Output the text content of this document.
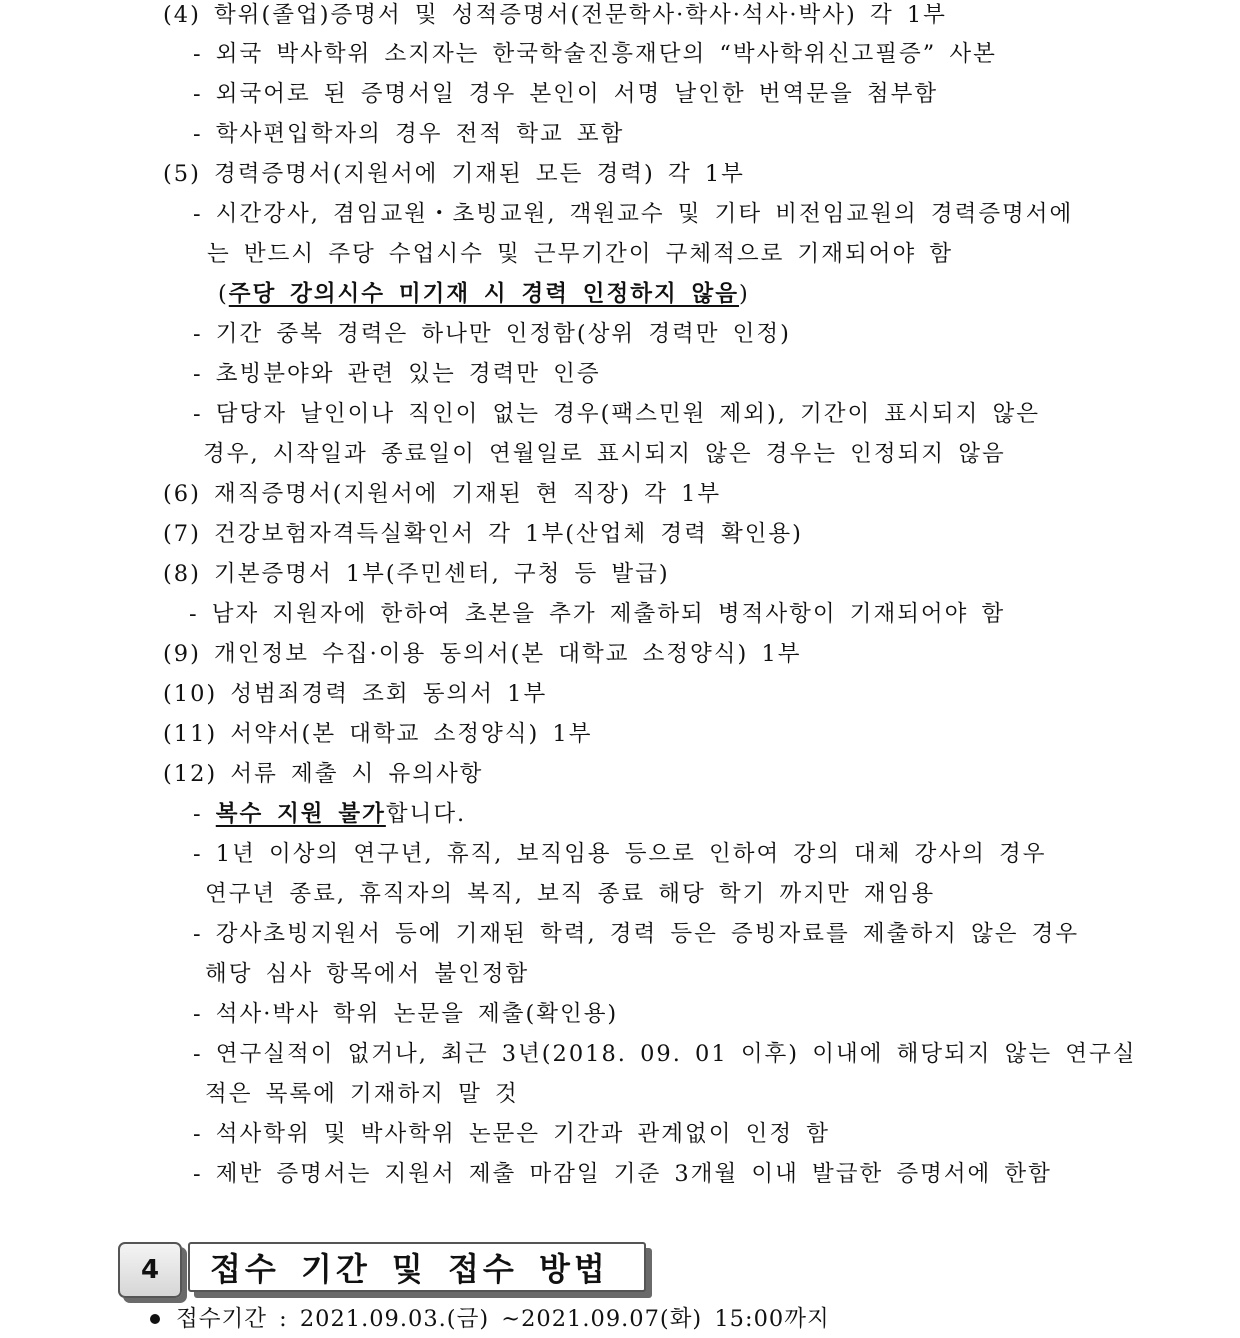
(4) 학위(졸업)증명서 및 성적증명서(전문학사·학사·석사·박사) 각 1부
- 외국 박사학위 소지자는 한국학술진흥재단의 “박사학위신고필증” 사본
- 외국어로 된 증명서일 경우 본인이 서명 날인한 번역문을 첨부함
- 학사편입학자의 경우 전적 학교 포함
(5) 경력증명서(지원서에 기재된 모든 경력) 각 1부
- 시간강사, 겸임교원・초빙교원, 객원교수 및 기타 비전임교원의 경력증명서에
는 반드시 주당 수업시수 및 근무기간이 구체적으로 기재되어야 함
(주당 강의시수 미기재 시 경력 인정하지 않음)
- 기간 중복 경력은 하나만 인정함(상위 경력만 인정)
- 초빙분야와 관련 있는 경력만 인증
- 담당자 날인이나 직인이 없는 경우(팩스민원 제외), 기간이 표시되지 않은
경우, 시작일과 종료일이 연월일로 표시되지 않은 경우는 인정되지 않음
(6) 재직증명서(지원서에 기재된 현 직장) 각 1부
(7) 건강보험자격득실확인서 각 1부(산업체 경력 확인용)
(8) 기본증명서 1부(주민센터, 구청 등 발급)
- 남자 지원자에 한하여 초본을 추가 제출하되 병적사항이 기재되어야 함
(9) 개인정보 수집·이용 동의서(본 대학교 소정양식) 1부
(10) 성범죄경력 조회 동의서 1부
(11) 서약서(본 대학교 소정양식) 1부
(12) 서류 제출 시 유의사항
- 복수 지원 불가합니다.
- 1년 이상의 연구년, 휴직, 보직임용 등으로 인하여 강의 대체 강사의 경우
연구년 종료, 휴직자의 복직, 보직 종료 해당 학기 까지만 재임용
- 강사초빙지원서 등에 기재된 학력, 경력 등은 증빙자료를 제출하지 않은 경우
해당 심사 항목에서 불인정함
- 석사·박사 학위 논문을 제출(확인용)
- 연구실적이 없거나, 최근 3년(2018. 09. 01 이후) 이내에 해당되지 않는 연구실
적은 목록에 기재하지 말 것
- 석사학위 및 박사학위 논문은 기간과 관계없이 인정 함
- 제반 증명서는 지원서 제출 마감일 기준 3개월 이내 발급한 증명서에 한함
4	접수 기간 및 접수 방법
접수기간 : 2021.09.03.(금) ~2021.09.07(화) 15:00까지
